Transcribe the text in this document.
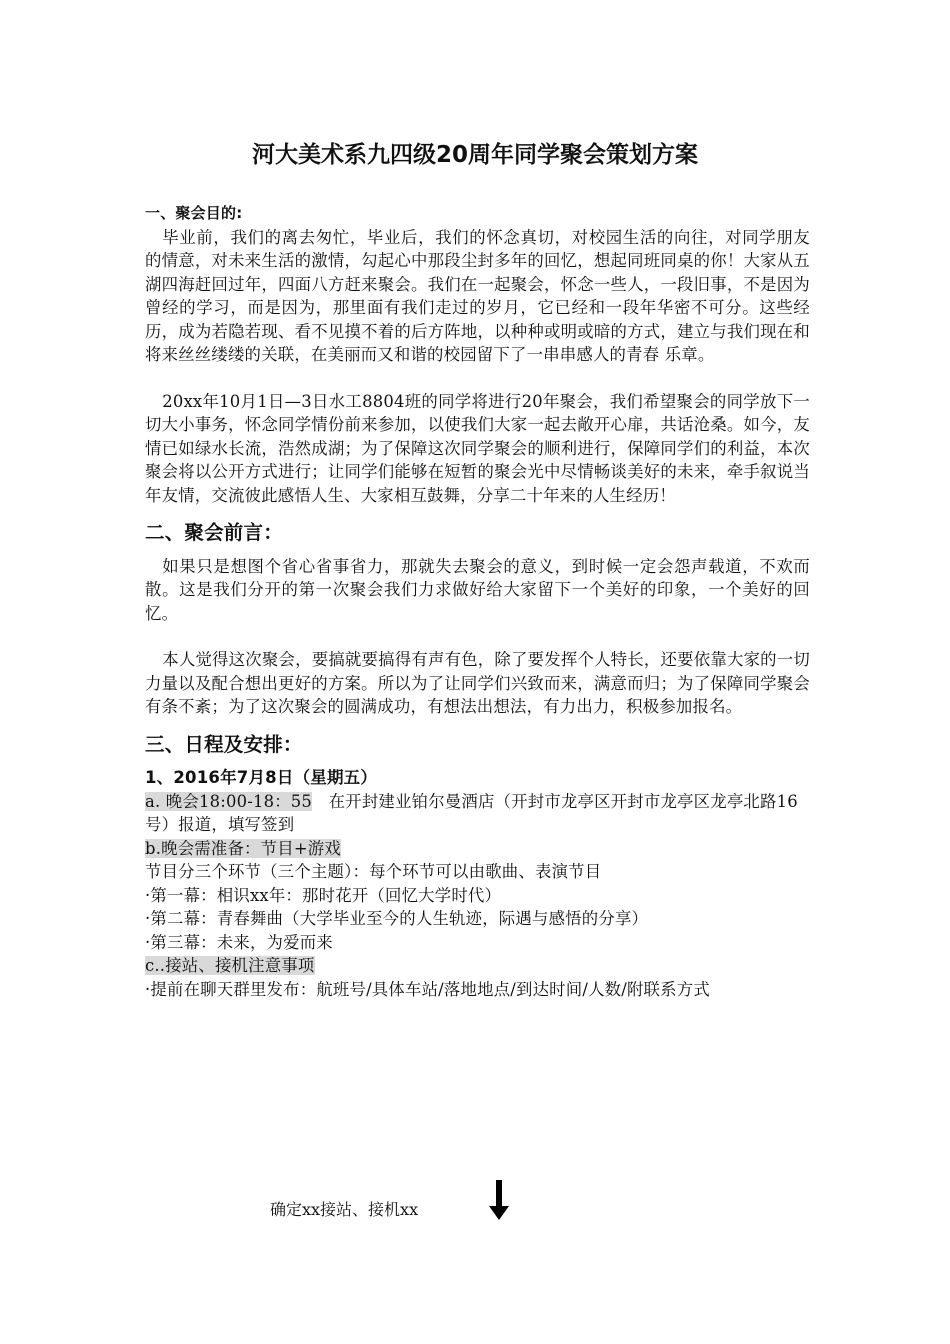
河大美术系九四级20周年同学聚会策划方案

一、聚会目的:

毕业前，我们的离去匆忙，毕业后，我们的怀念真切，对校园生活的向往，对同学朋友　　　的情意，对未来生活的激情，勾起心中那段尘封多年的回忆，想起同班同桌的你！大家从五湖四海赶回过年，四面八方赶来聚会。我们在一起聚会，怀念一些人，一段旧事，不是因为曾经的学习，而是因为，那里面有我们走过的岁月，它已经和一段年华密不可分。这些经历，成为若隐若现、看不见摸不着的后方阵地，以种种或明或暗的方式，建立与我们现在和将来丝丝缕缕的关联，在美丽而又和谐的校园留下了一串串感人的青春 乐章。

20xx年10月1日—3日水工8804班的同学将进行20年聚会，我们希望聚会的同学放下一切大小事务，怀念同学情份前来参加，以使我们大家一起去敞开心扉，共话沧桑。如今，友情已如绿水长流，浩然成湖；为了保障这次同学聚会的顺利进行，保障同学们的利益，本次聚会将以公开方式进行；让同学们能够在短暂的聚会光中尽情畅谈美好的未来，牵手叙说当年友情，交流彼此感悟人生、大家相互鼓舞，分享二十年来的人生经历！

二、聚会前言：

如果只是想图个省心省事省力，那就失去聚会的意义，到时候一定会怨声载道，不欢而散。这是我们分开的第一次聚会我们力求做好给大家留下一个美好的印象，一个美好的回忆。

本人觉得这次聚会，要搞就要搞得有声有色，除了要发挥个人特长，还要依靠大家的一切力量以及配合想出更好的方案。所以为了让同学们兴致而来，满意而归；为了保障同学聚会有条不紊；为了这次聚会的圆满成功，有想法出想法，有力出力，积极参加报名。

三、日程及安排：

1、2016年7月8日（星期五）

a. 晚会18:00-18：55　在开封建业铂尔曼酒店（开封市龙亭区开封市龙亭区龙亭北路16号）报道，填写签到

b.晚会需准备：节目+游戏

节目分三个环节（三个主题）：每个环节可以由歌曲、表演节目

·第一幕：相识xx年：那时花开（回忆大学时代）

·第二幕：青春舞曲（大学毕业至今的人生轨迹，际遇与感悟的分享）

·第三幕：未来，为爱而来

c..接站、接机注意事项

·提前在聊天群里发布：航班号/具体车站/落地地点/到达时间/人数/附联系方式

确定xx接站、接机xx
